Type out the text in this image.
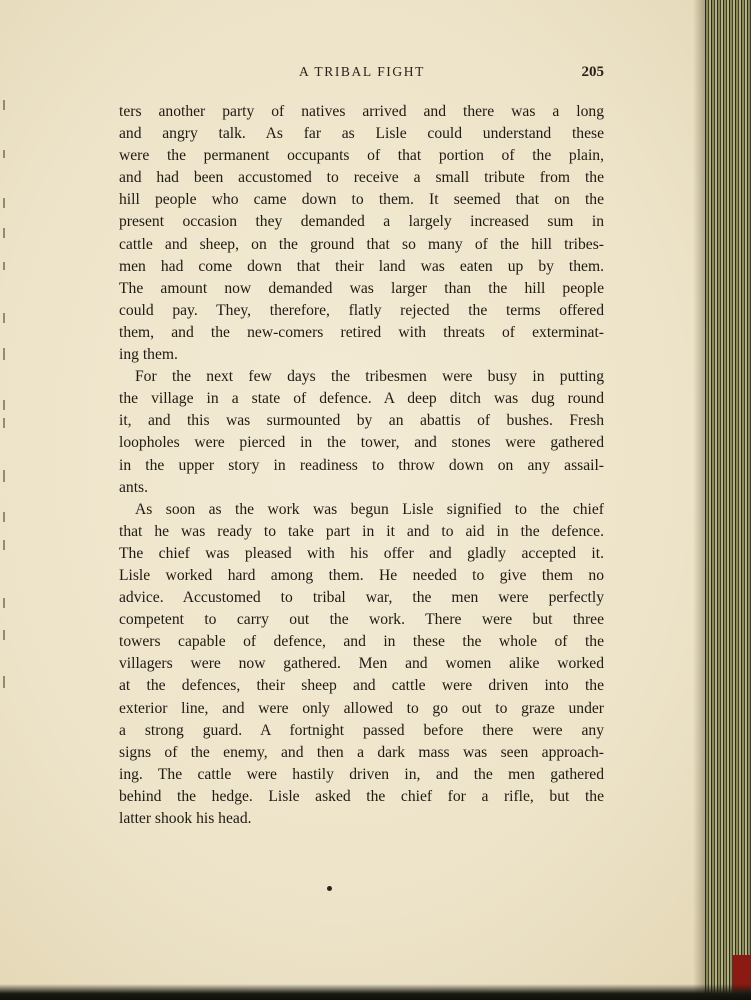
A TRIBAL FIGHT	205
ters another party of natives arrived and there was a long
and angry talk. As far as Lisle could understand these
were the permanent occupants of that portion of the plain,
and had been accustomed to receive a small tribute from the
hill people who came down to them. It seemed that on the
present occasion they demanded a largely increased sum in
cattle and sheep, on the ground that so many of the hill tribes-
men had come down that their land was eaten up by them.
The amount now demanded was larger than the hill people
could pay. They, therefore, flatly rejected the terms offered
them, and the new-comers retired with threats of exterminat-
ing them.
For the next few days the tribesmen were busy in putting
the village in a state of defence. A deep ditch was dug round
it, and this was surmounted by an abattis of bushes. Fresh
loopholes were pierced in the tower, and stones were gathered
in the upper story in readiness to throw down on any assail-
ants.
As soon as the work was begun Lisle signified to the chief
that he was ready to take part in it and to aid in the defence.
The chief was pleased with his offer and gladly accepted it.
Lisle worked hard among them. He needed to give them no
advice. Accustomed to tribal war, the men were perfectly
competent to carry out the work. There were but three
towers capable of defence, and in these the whole of the
villagers were now gathered. Men and women alike worked
at the defences, their sheep and cattle were driven into the
exterior line, and were only allowed to go out to graze under
a strong guard. A fortnight passed before there were any
signs of the enemy, and then a dark mass was seen approach-
ing. The cattle were hastily driven in, and the men gathered
behind the hedge. Lisle asked the chief for a rifle, but the
latter shook his head.
